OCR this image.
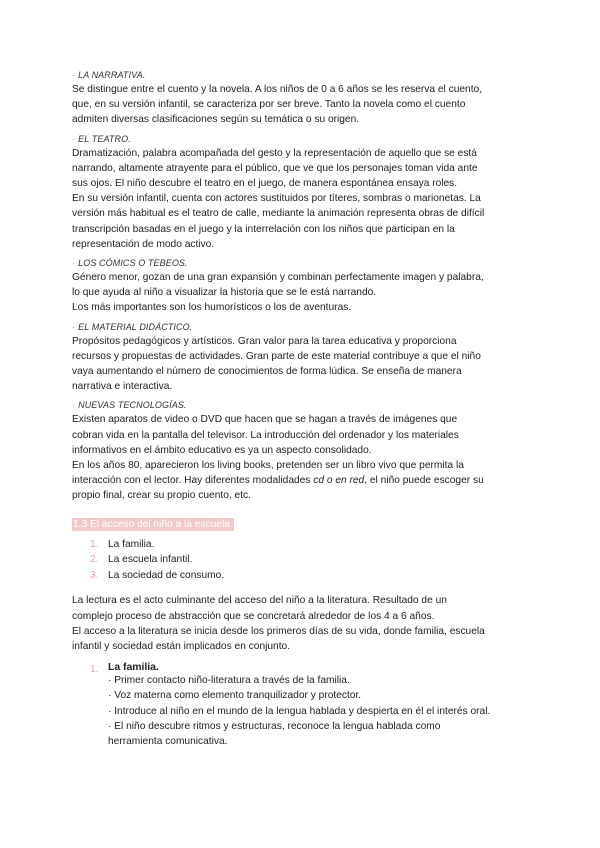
· LA NARRATIVA.

Se distingue entre el cuento y la novela. A los niños de 0 a 6 años se les reserva el cuento,

que, en su versión infantil, se caracteriza por ser breve. Tanto la novela como el cuento

admiten diversas clasificaciones según su temática o su origen.

· EL TEATRO.

Dramatización, palabra acompañada del gesto y la representación de aquello que se está

narrando, altamente atrayente para el público, que ve que los personajes toman vida ante

sus ojos. El niño descubre el teatro en el juego, de manera espontánea ensaya roles.

En su versión infantil, cuenta con actores sustituidos por títeres, sombras o marionetas. La

versión más habitual es el teatro de calle, mediante la animación representa obras de difícil

transcripción basadas en el juego y la interrelación con los niños que participan en la

representación de modo activo.

· LOS CÓMICS O TEBEOS.

Género menor, gozan de una gran expansión y combinan perfectamente imagen y palabra,

lo que ayuda al niño a visualizar la historia que se le está narrando.

Los más importantes son los humorísticos o los de aventuras.

· EL MATERIAL DIDÁCTICO.

Propósitos pedagógicos y artísticos. Gran valor para la tarea educativa y proporciona

recursos y propuestas de actividades. Gran parte de este material contribuye a que el niño

vaya aumentando el número de conocimientos de forma lúdica. Se enseña de manera

narrativa e interactiva.

· NUEVAS TECNOLOGÍAS.

Existen aparatos de video o DVD que hacen que se hagan a través de imágenes que

cobran vida en la pantalla del televisor. La introducción del ordenador y los materiales

informativos en el ámbito educativo es ya un aspecto consolidado.

En los años 80, aparecieron los living books, pretenden ser un libro vivo que permita la

interacción con el lector. Hay diferentes modalidades cd o en red, el niño puede escoger su

propio final, crear su propio cuento, etc.

1.3 El acceso del niño a la escuela
1. La familia.
2. La escuela infantil.
3. La sociedad de consumo.

La lectura es el acto culminante del acceso del niño a la literatura. Resultado de un

complejo proceso de abstracción que se concretará alrededor de los 4 a 6 años.

El acceso a la literatura se inicia desde los primeros días de su vida, donde familia, escuela

infantil y sociedad están implicados en conjunto.

1. La familia.

· Primer contacto niño-literatura a través de la familia.

· Voz materna como elemento tranquilizador y protector.

· Introduce al niño en el mundo de la lengua hablada y despierta en él el interés oral.

· El niño descubre ritmos y estructuras, reconoce la lengua hablada como

herramienta comunicativa.
